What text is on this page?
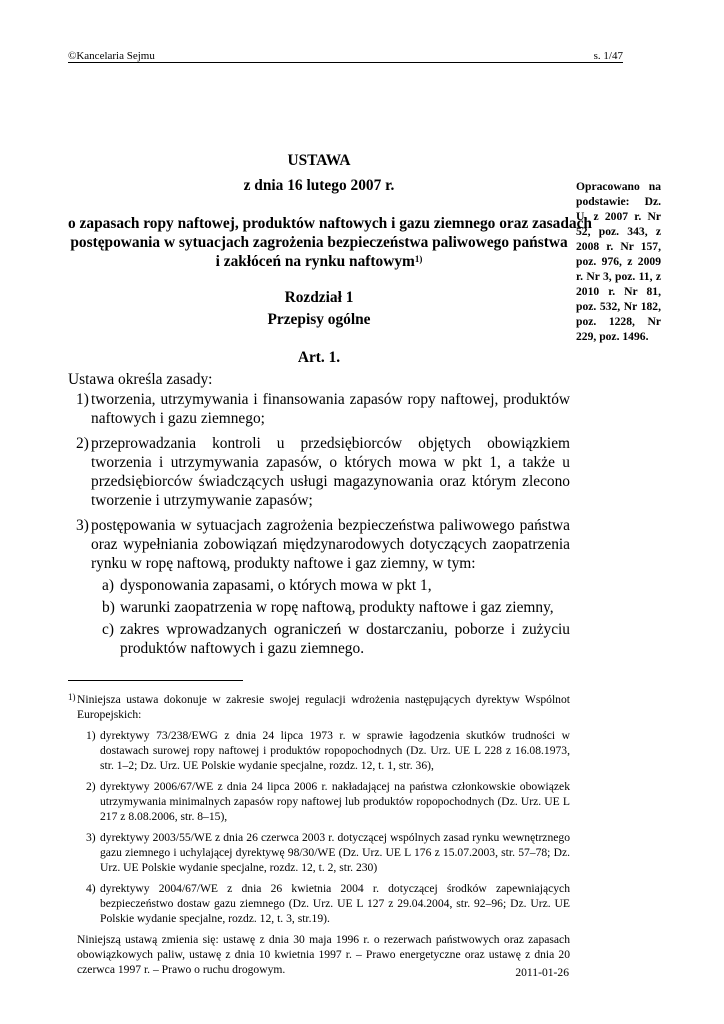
©Kancelaria Sejmu	s. 1/47
USTAWA
z dnia 16 lutego 2007 r.
o zapasach ropy naftowej, produktów naftowych i gazu ziemnego oraz zasadach
postępowania w sytuacjach zagrożenia bezpieczeństwa paliwowego państwa
i zakłóceń na rynku naftowym$^{1)}$
Opracowano na podstawie: Dz. U. z 2007 r. Nr 52, poz. 343, z 2008 r. Nr 157, poz. 976, z 2009 r. Nr 3, poz. 11, z 2010 r. Nr 81, poz. 532, Nr 182, poz. 1228, Nr 229, poz. 1496.
Rozdział 1
Przepisy ogólne
Art. 1.
Ustawa określa zasady:
1) tworzenia, utrzymywania i finansowania zapasów ropy naftowej, produktów naftowych i gazu ziemnego;
2) przeprowadzania kontroli u przedsiębiorców objętych obowiązkiem tworzenia i utrzymywania zapasów, o których mowa w pkt 1, a także u przedsiębiorców świadczących usługi magazynowania oraz którym zlecono tworzenie i utrzymywanie zapasów;
3) postępowania w sytuacjach zagrożenia bezpieczeństwa paliwowego państwa oraz wypełniania zobowiązań międzynarodowych dotyczących zaopatrzenia rynku w ropę naftową, produkty naftowe i gaz ziemny, w tym:
a) dysponowania zapasami, o których mowa w pkt 1,
b) warunki zaopatrzenia w ropę naftową, produkty naftowe i gaz ziemny,
c) zakres wprowadzanych ograniczeń w dostarczaniu, poborze i zużyciu produktów naftowych i gazu ziemnego.
1) Niniejsza ustawa dokonuje w zakresie swojej regulacji wdrożenia następujących dyrektyw Wspólnot Europejskich:
1) dyrektywy 73/238/EWG z dnia 24 lipca 1973 r. w sprawie łagodzenia skutków trudności w dostawach surowej ropy naftowej i produktów ropopochodnych (Dz. Urz. UE L 228 z 16.08.1973, str. 1–2; Dz. Urz. UE Polskie wydanie specjalne, rozdz. 12, t. 1, str. 36),
2) dyrektywy 2006/67/WE z dnia 24 lipca 2006 r. nakładającej na państwa członkowskie obowiązek utrzymywania minimalnych zapasów ropy naftowej lub produktów ropopochodnych (Dz. Urz. UE L 217 z 8.08.2006, str. 8–15),
3) dyrektywy 2003/55/WE z dnia 26 czerwca 2003 r. dotyczącej wspólnych zasad rynku wewnętrznego gazu ziemnego i uchylającej dyrektywę 98/30/WE (Dz. Urz. UE L 176 z 15.07.2003, str. 57–78; Dz. Urz. UE Polskie wydanie specjalne, rozdz. 12, t. 2, str. 230)
4) dyrektywy 2004/67/WE z dnia 26 kwietnia 2004 r. dotyczącej środków zapewniających bezpieczeństwo dostaw gazu ziemnego (Dz. Urz. UE L 127 z 29.04.2004, str. 92–96; Dz. Urz. UE Polskie wydanie specjalne, rozdz. 12, t. 3, str.19).
Niniejszą ustawą zmienia się: ustawę z dnia 30 maja 1996 r. o rezerwach państwowych oraz zapasach obowiązkowych paliw, ustawę z dnia 10 kwietnia 1997 r. – Prawo energetyczne oraz ustawę z dnia 20 czerwca 1997 r. – Prawo o ruchu drogowym.	2011-01-26
